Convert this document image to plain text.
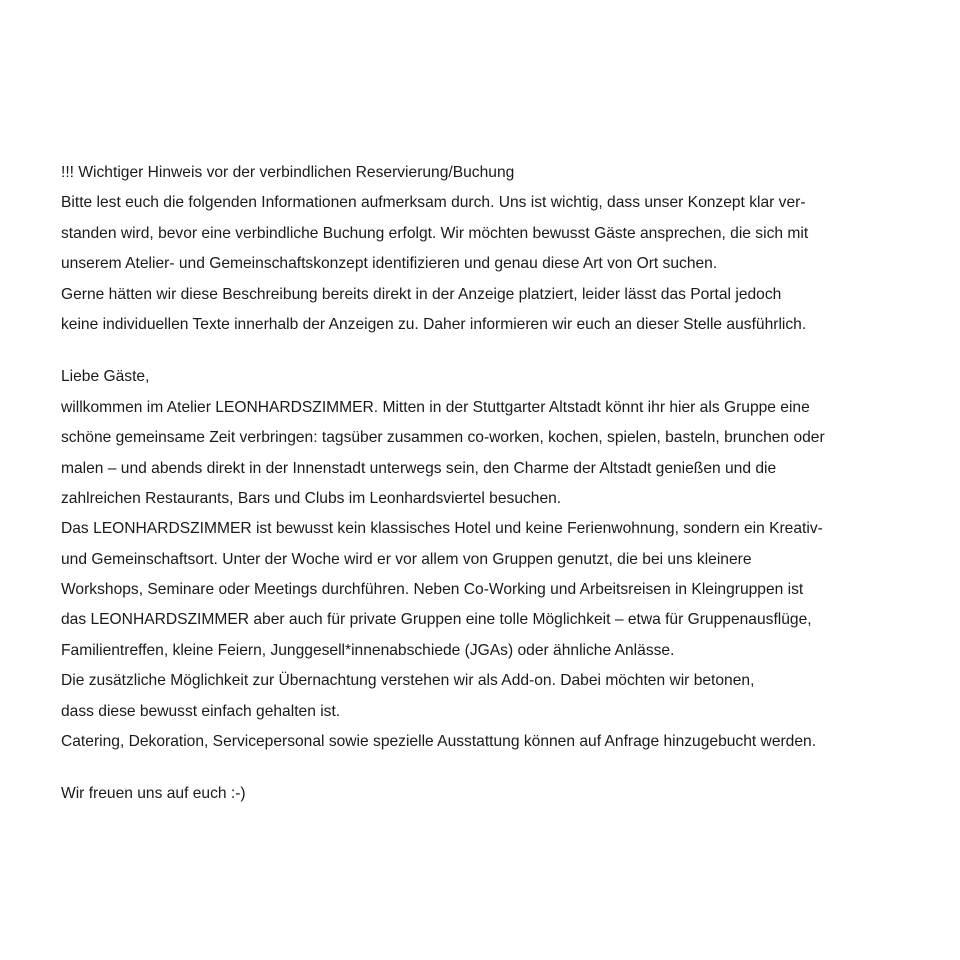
!!! Wichtiger Hinweis vor der verbindlichen Reservierung/Buchung
Bitte lest euch die folgenden Informationen aufmerksam durch. Uns ist wichtig, dass unser Konzept klar ver-
standen wird, bevor eine verbindliche Buchung erfolgt. Wir möchten bewusst Gäste ansprechen, die sich mit
unserem Atelier- und Gemeinschaftskonzept identifizieren und genau diese Art von Ort suchen.
Gerne hätten wir diese Beschreibung bereits direkt in der Anzeige platziert, leider lässt das Portal jedoch
keine individuellen Texte innerhalb der Anzeigen zu. Daher informieren wir euch an dieser Stelle ausführlich.
Liebe Gäste,
willkommen im Atelier LEONHARDSZIMMER. Mitten in der Stuttgarter Altstadt könnt ihr hier als Gruppe eine
schöne gemeinsame Zeit verbringen: tagsüber zusammen co-worken, kochen, spielen, basteln, brunchen oder
malen – und abends direkt in der Innenstadt unterwegs sein, den Charme der Altstadt genießen und die
zahlreichen Restaurants, Bars und Clubs im Leonhardsviertel besuchen.
Das LEONHARDSZIMMER ist bewusst kein klassisches Hotel und keine Ferienwohnung, sondern ein Kreativ-
und Gemeinschaftsort. Unter der Woche wird er vor allem von Gruppen genutzt, die bei uns kleinere
Workshops, Seminare oder Meetings durchführen. Neben Co-Working und Arbeitsreisen in Kleingruppen ist
das LEONHARDSZIMMER aber auch für private Gruppen eine tolle Möglichkeit – etwa für Gruppenausflüge,
Familientreffen, kleine Feiern, Junggesell*innenabschiede (JGAs) oder ähnliche Anlässe.
Die zusätzliche Möglichkeit zur Übernachtung verstehen wir als Add-on. Dabei möchten wir betonen,
dass diese bewusst einfach gehalten ist.
Catering, Dekoration, Servicepersonal sowie spezielle Ausstattung können auf Anfrage hinzugebucht werden.
Wir freuen uns auf euch :-)
